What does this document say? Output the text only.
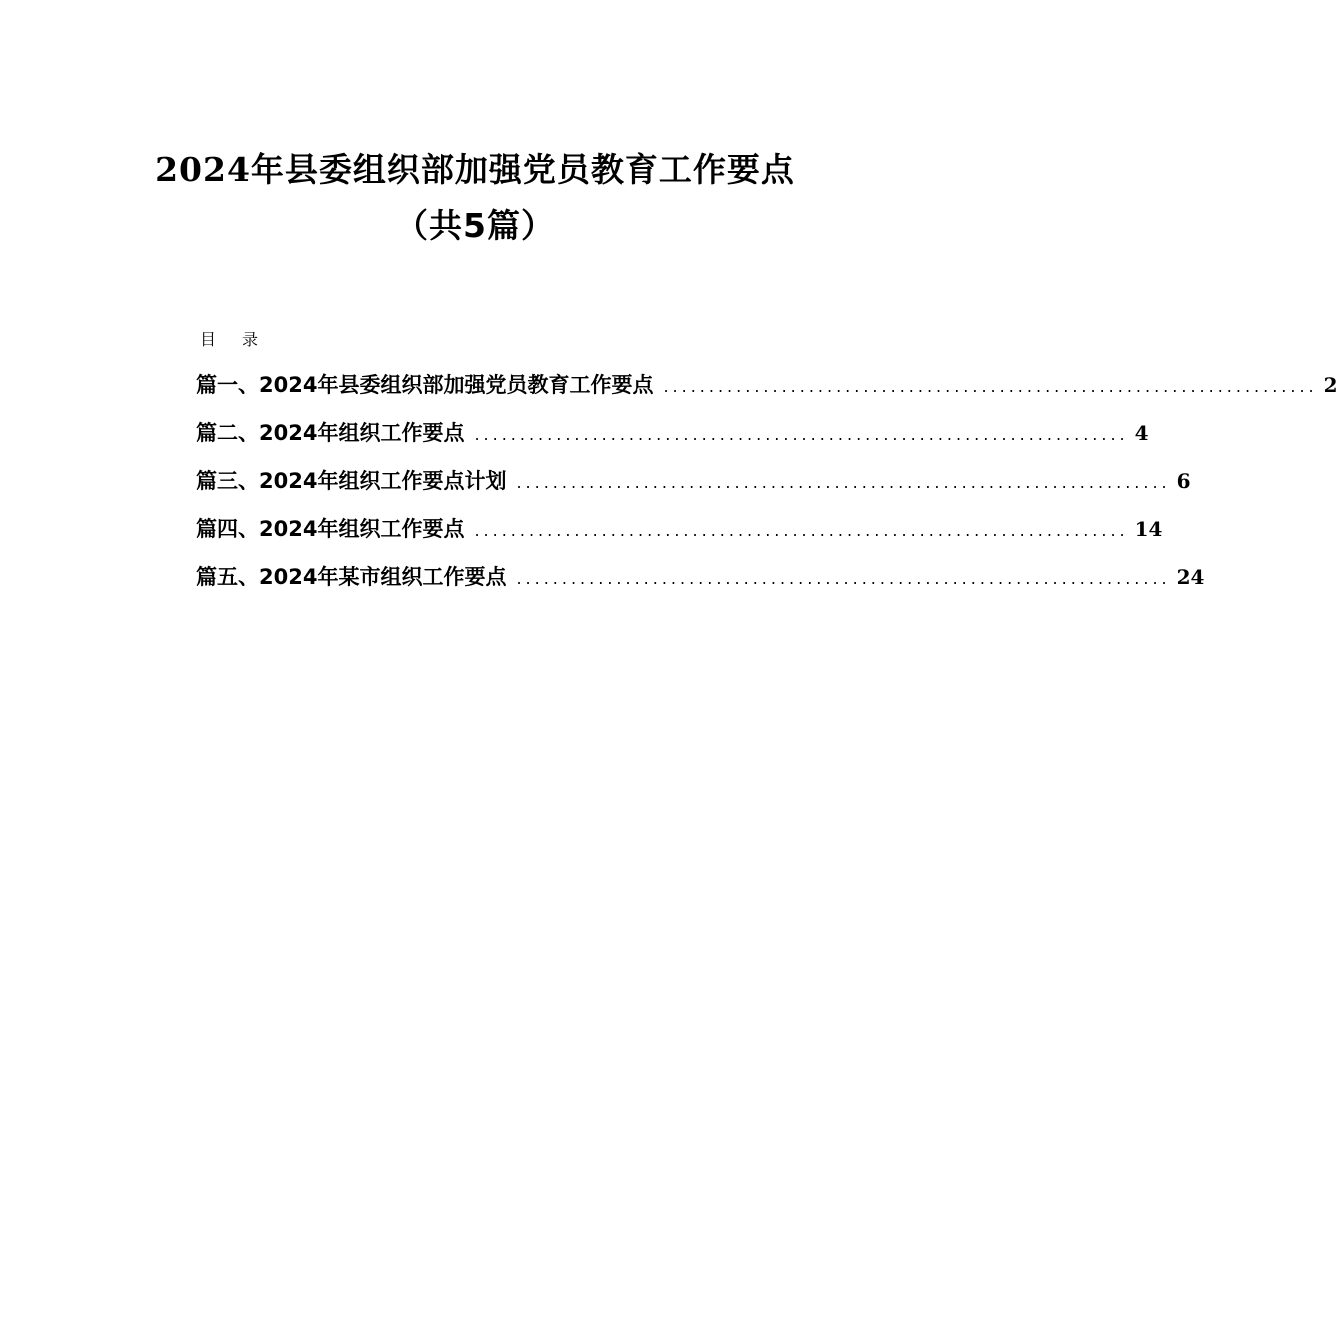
2024年县委组织部加强党员教育工作要点
（共5篇）
目录
篇一、 2024年县委组织部加强党员教育工作要点 ........................................................................ 2
篇二、 2024年组织工作要点 ........................................................................ 4
篇三、 2024年组织工作要点计划 ........................................................................ 6
篇四、 2024年组织工作要点 ........................................................................ 14
篇五、 2024年某市组织工作要点 ........................................................................ 24
